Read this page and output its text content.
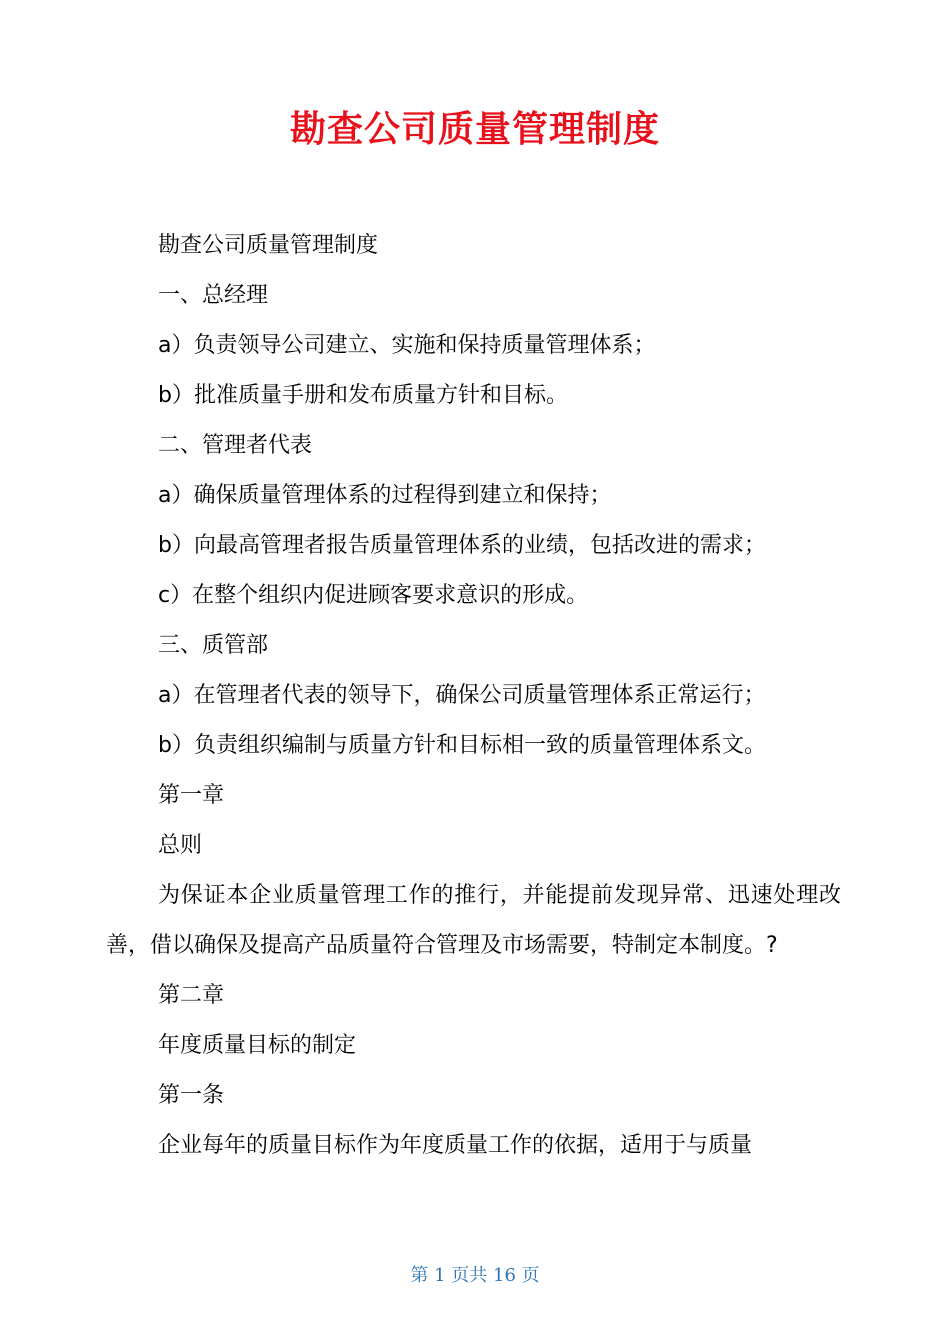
勘查公司质量管理制度

勘查公司质量管理制度

一、总经理

a）负责领导公司建立、实施和保持质量管理体系；

b）批准质量手册和发布质量方针和目标。

二、管理者代表

a）确保质量管理体系的过程得到建立和保持；

b）向最高管理者报告质量管理体系的业绩，包括改进的需求；

c）在整个组织内促进顾客要求意识的形成。

三、质管部

a）在管理者代表的领导下，确保公司质量管理体系正常运行；

b）负责组织编制与质量方针和目标相一致的质量管理体系文。

第一章

总则

为保证本企业质量管理工作的推行，并能提前发现异常、迅速处理改善，借以确保及提高产品质量符合管理及市场需要，特制定本制度。?

第二章

年度质量目标的制定

第一条

企业每年的质量目标作为年度质量工作的依据，适用于与质量

第 1 页共 16 页
